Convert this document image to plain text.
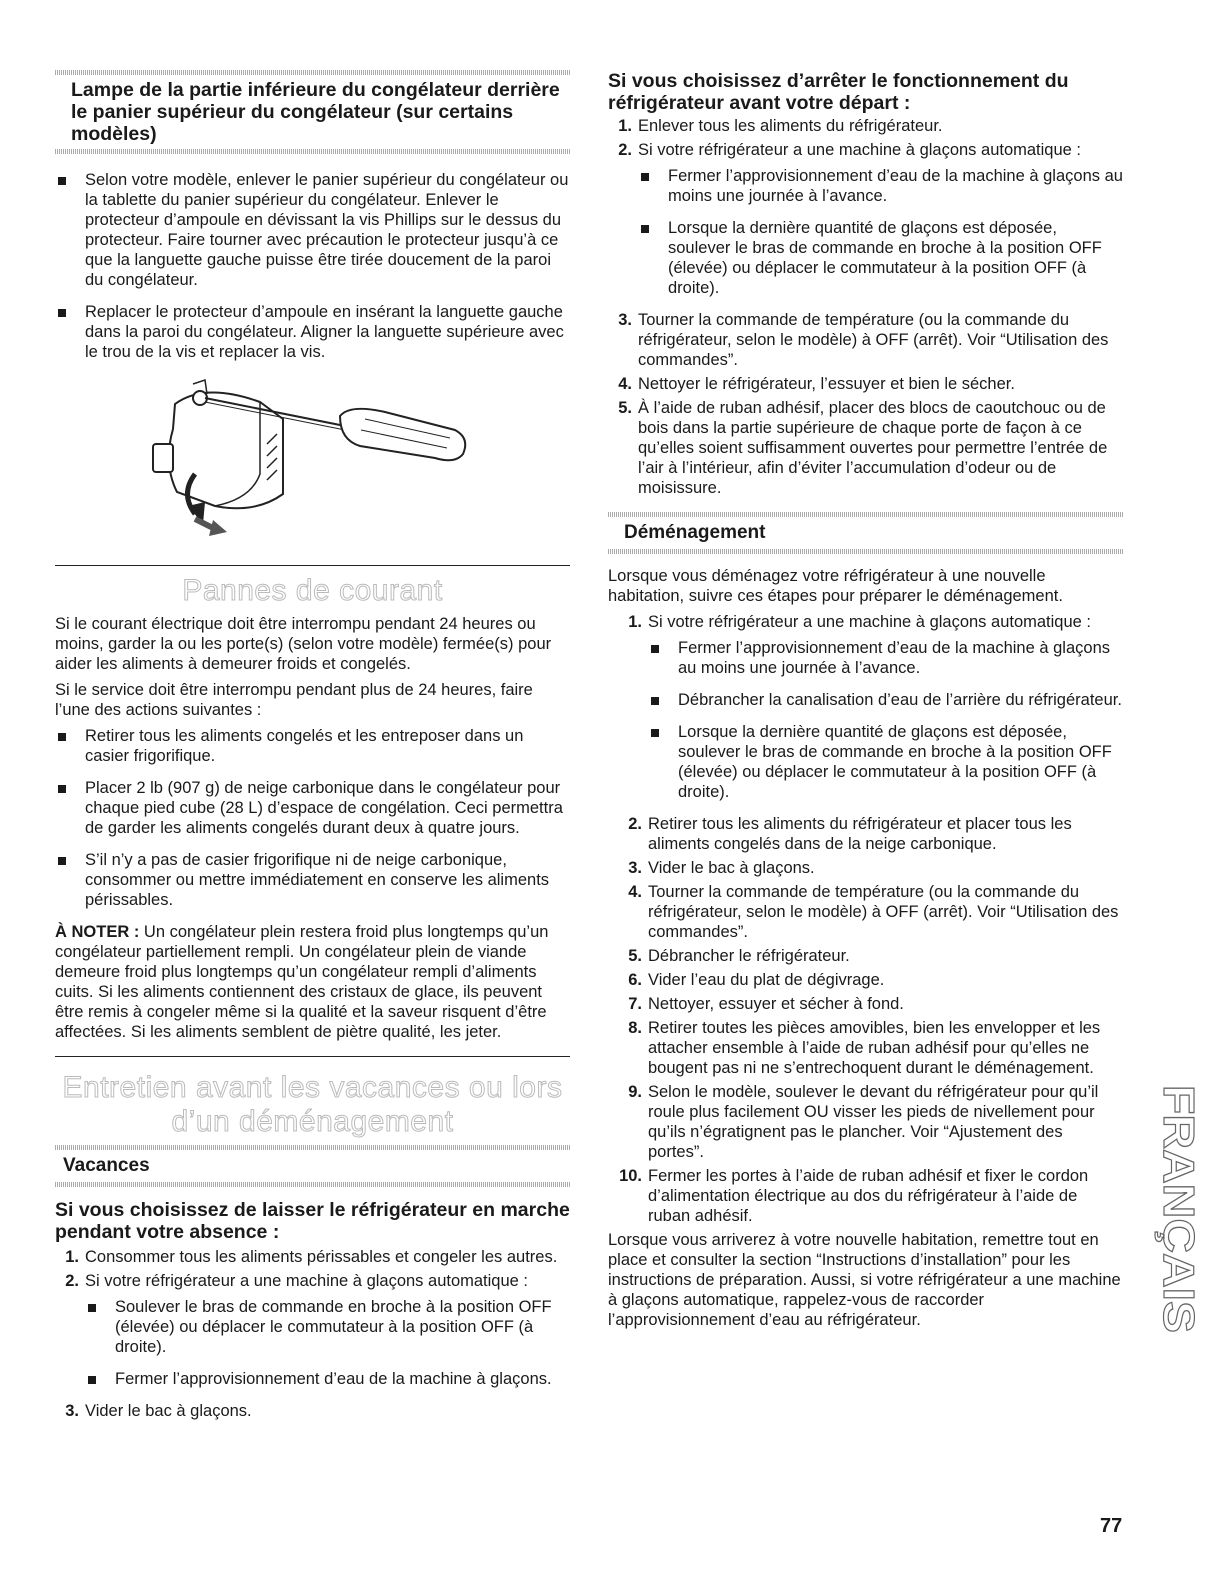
Lampe de la partie inférieure du congélateur derrière le panier supérieur du congélateur (sur certains modèles)
Selon votre modèle, enlever le panier supérieur du congélateur ou la tablette du panier supérieur du congélateur. Enlever le protecteur d’ampoule en dévissant la vis Phillips sur le dessus du protecteur. Faire tourner avec précaution le protecteur jusqu’à ce que la languette gauche puisse être tirée doucement de la paroi du congélateur.
Replacer le protecteur d’ampoule en insérant la languette gauche dans la paroi du congélateur. Aligner la languette supérieure avec le trou de la vis et replacer la vis.
Pannes de courant

Si le courant électrique doit être interrompu pendant 24 heures ou moins, garder la ou les porte(s) (selon votre modèle) fermée(s) pour aider les aliments à demeurer froids et congelés.

Si le service doit être interrompu pendant plus de 24 heures, faire l’une des actions suivantes :

Retirer tous les aliments congelés et les entreposer dans un casier frigorifique.
Placer 2 lb (907 g) de neige carbonique dans le congélateur pour chaque pied cube (28 L) d’espace de congélation. Ceci permettra de garder les aliments congelés durant deux à quatre jours.
S’il n’y a pas de casier frigorifique ni de neige carbonique, consommer ou mettre immédiatement en conserve les aliments périssables.

À NOTER : Un congélateur plein restera froid plus longtemps qu’un congélateur partiellement rempli. Un congélateur plein de viande demeure froid plus longtemps qu’un congélateur rempli d’aliments cuits. Si les aliments contiennent des cristaux de glace, ils peuvent être remis à congeler même si la qualité et la saveur risquent d’être affectées. Si les aliments semblent de piètre qualité, les jeter.

Entretien avant les vacances ou lors
d’un déménagement
Vacances
Si vous choisissez de laisser le réfrigérateur en marche pendant votre absence :
1. Consommer tous les aliments périssables et congeler les autres.
2. Si votre réfrigérateur a une machine à glaçons automatique :
Soulever le bras de commande en broche à la position OFF (élevée) ou déplacer le commutateur à la position OFF (à droite).
Fermer l’approvisionnement d’eau de la machine à glaçons.
3. Vider le bac à glaçons.
Si vous choisissez d’arrêter le fonctionnement du réfrigérateur avant votre départ :
1. Enlever tous les aliments du réfrigérateur.
2. Si votre réfrigérateur a une machine à glaçons automatique :
Fermer l’approvisionnement d’eau de la machine à glaçons au moins une journée à l’avance.
Lorsque la dernière quantité de glaçons est déposée, soulever le bras de commande en broche à la position OFF (élevée) ou déplacer le commutateur à la position OFF (à droite).
3. Tourner la commande de température (ou la commande du réfrigérateur, selon le modèle) à OFF (arrêt). Voir “Utilisation des commandes”.
4. Nettoyer le réfrigérateur, l’essuyer et bien le sécher.
5. À l’aide de ruban adhésif, placer des blocs de caoutchouc ou de bois dans la partie supérieure de chaque porte de façon à ce qu’elles soient suffisamment ouvertes pour permettre l’entrée de l’air à l’intérieur, afin d’éviter l’accumulation d’odeur ou de moisissure.
Déménagement

Lorsque vous déménagez votre réfrigérateur à une nouvelle habitation, suivre ces étapes pour préparer le déménagement.

1. Si votre réfrigérateur a une machine à glaçons automatique :
Fermer l’approvisionnement d’eau de la machine à glaçons au moins une journée à l’avance.
Débrancher la canalisation d’eau de l’arrière du réfrigérateur.
Lorsque la dernière quantité de glaçons est déposée, soulever le bras de commande en broche à la position OFF (élevée) ou déplacer le commutateur à la position OFF (à droite).
2. Retirer tous les aliments du réfrigérateur et placer tous les aliments congelés dans de la neige carbonique.
3. Vider le bac à glaçons.
4. Tourner la commande de température (ou la commande du réfrigérateur, selon le modèle) à OFF (arrêt). Voir “Utilisation des commandes”.
5. Débrancher le réfrigérateur.
6. Vider l’eau du plat de dégivrage.
7. Nettoyer, essuyer et sécher à fond.
8. Retirer toutes les pièces amovibles, bien les envelopper et les attacher ensemble à l’aide de ruban adhésif pour qu’elles ne bougent pas ni ne s’entrechoquent durant le déménagement.
9. Selon le modèle, soulever le devant du réfrigérateur pour qu’il roule plus facilement OU visser les pieds de nivellement pour qu’ils n’égratignent pas le plancher. Voir “Ajustement des portes”.
10. Fermer les portes à l’aide de ruban adhésif et fixer le cordon d’alimentation électrique au dos du réfrigérateur à l’aide de ruban adhésif.

Lorsque vous arriverez à votre nouvelle habitation, remettre tout en place et consulter la section “Instructions d’installation” pour les instructions de préparation. Aussi, si votre réfrigérateur a une machine à glaçons automatique, rappelez-vous de raccorder l’approvisionnement d’eau au réfrigérateur.

FRANÇAIS
77
